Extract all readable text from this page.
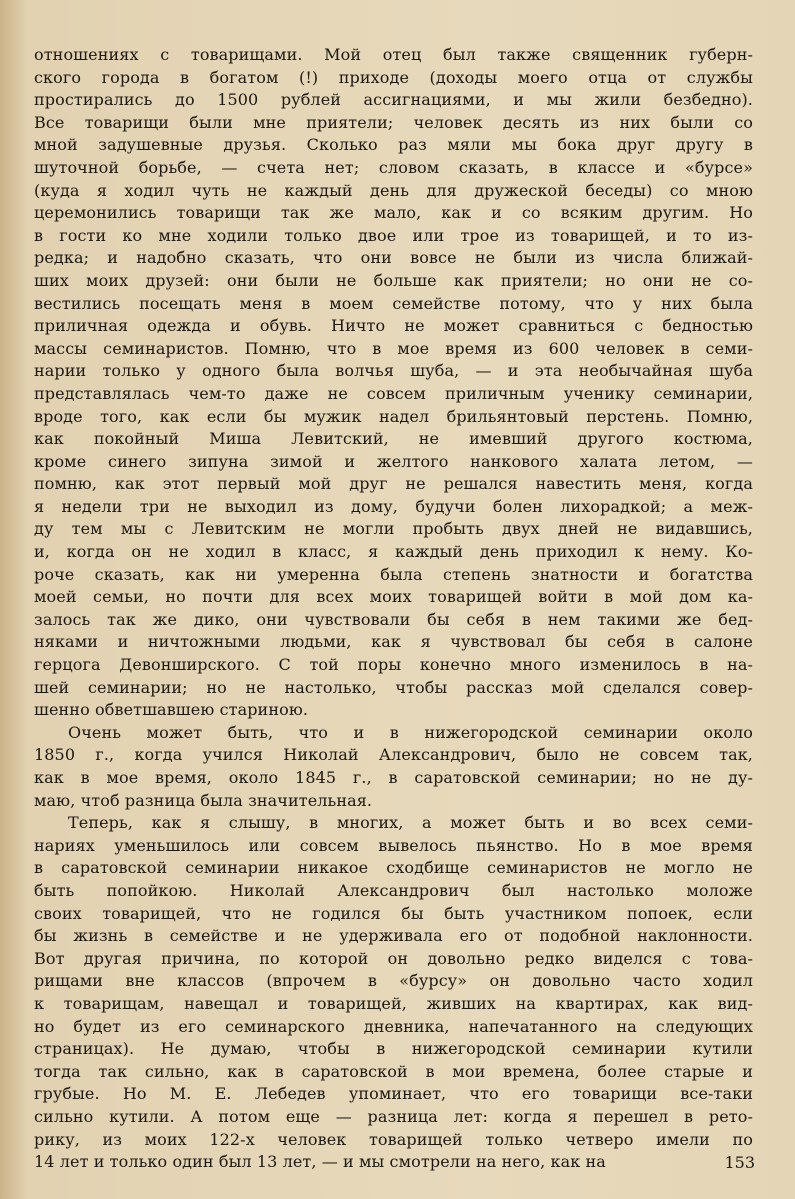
отношениях с товарищами. Мой отец был также священник губерн-
ского города в богатом (!) приходе (доходы моего отца от службы
простирались до 1500 рублей ассигнациями, и мы жили безбедно).
Все товарищи были мне приятели; человек десять из них были со
мной задушевные друзья. Сколько раз мяли мы бока друг другу в
шуточной борьбе, — счета нет; словом сказать, в классе и «бурсе»
(куда я ходил чуть не каждый день для дружеской беседы) со мною
церемонились товарищи так же мало, как и со всяким другим. Но
в гости ко мне ходили только двое или трое из товарищей, и то из-
редка; и надобно сказать, что они вовсе не были из числа ближай-
ших моих друзей: они были не больше как приятели; но они не со-
вестились посещать меня в моем семействе потому, что у них была
приличная одежда и обувь. Ничто не может сравниться с бедностью
массы семинаристов. Помню, что в мое время из 600 человек в семи-
нарии только у одного была волчья шуба, — и эта необычайная шуба
представлялась чем-то даже не совсем приличным ученику семинарии,
вроде того, как если бы мужик надел брильянтовый перстень. Помню,
как покойный Миша Левитский, не имевший другого костюма,
кроме синего зипуна зимой и желтого нанкового халата летом, —
помню, как этот первый мой друг не решался навестить меня, когда
я недели три не выходил из дому, будучи болен лихорадкой; а меж-
ду тем мы с Левитским не могли пробыть двух дней не видавшись,
и, когда он не ходил в класс, я каждый день приходил к нему. Ко-
роче сказать, как ни умеренна была степень знатности и богатства
моей семьи, но почти для всех моих товарищей войти в мой дом ка-
залось так же дико, они чувствовали бы себя в нем такими же бед-
няками и ничтожными людьми, как я чувствовал бы себя в салоне
герцога Девонширского. С той поры конечно много изменилось в на-
шей семинарии; но не настолько, чтобы рассказ мой сделался совер-
шенно обветшавшею стариною.
Очень может быть, что и в нижегородской семинарии около
1850 г., когда учился Николай Александрович, было не совсем так,
как в мое время, около 1845 г., в саратовской семинарии; но не ду-
маю, чтоб разница была значительная.
Теперь, как я слышу, в многих, а может быть и во всех семи-
нариях уменьшилось или совсем вывелось пьянство. Но в мое время
в саратовской семинарии никакое сходбище семинаристов не могло не
быть попойкою. Николай Александрович был настолько моложе
своих товарищей, что не годился бы быть участником попоек, если
бы жизнь в семействе и не удерживала его от подобной наклонности.
Вот другая причина, по которой он довольно редко виделся с това-
рищами вне классов (впрочем в «бурсу» он довольно часто ходил
к товарищам, навещал и товарищей, живших на квартирах, как вид-
но будет из его семинарского дневника, напечатанного на следующих
страницах). Не думаю, чтобы в нижегородской семинарии кутили
тогда так сильно, как в саратовской в мои времена, более старые и
грубые. Но М. Е. Лебедев упоминает, что его товарищи все-таки
сильно кутили. А потом еще — разница лет: когда я перешел в рето-
рику, из моих 122-х человек товарищей только четверо имели по
14 лет и только один был 13 лет, — и мы смотрели на него, как на	153
